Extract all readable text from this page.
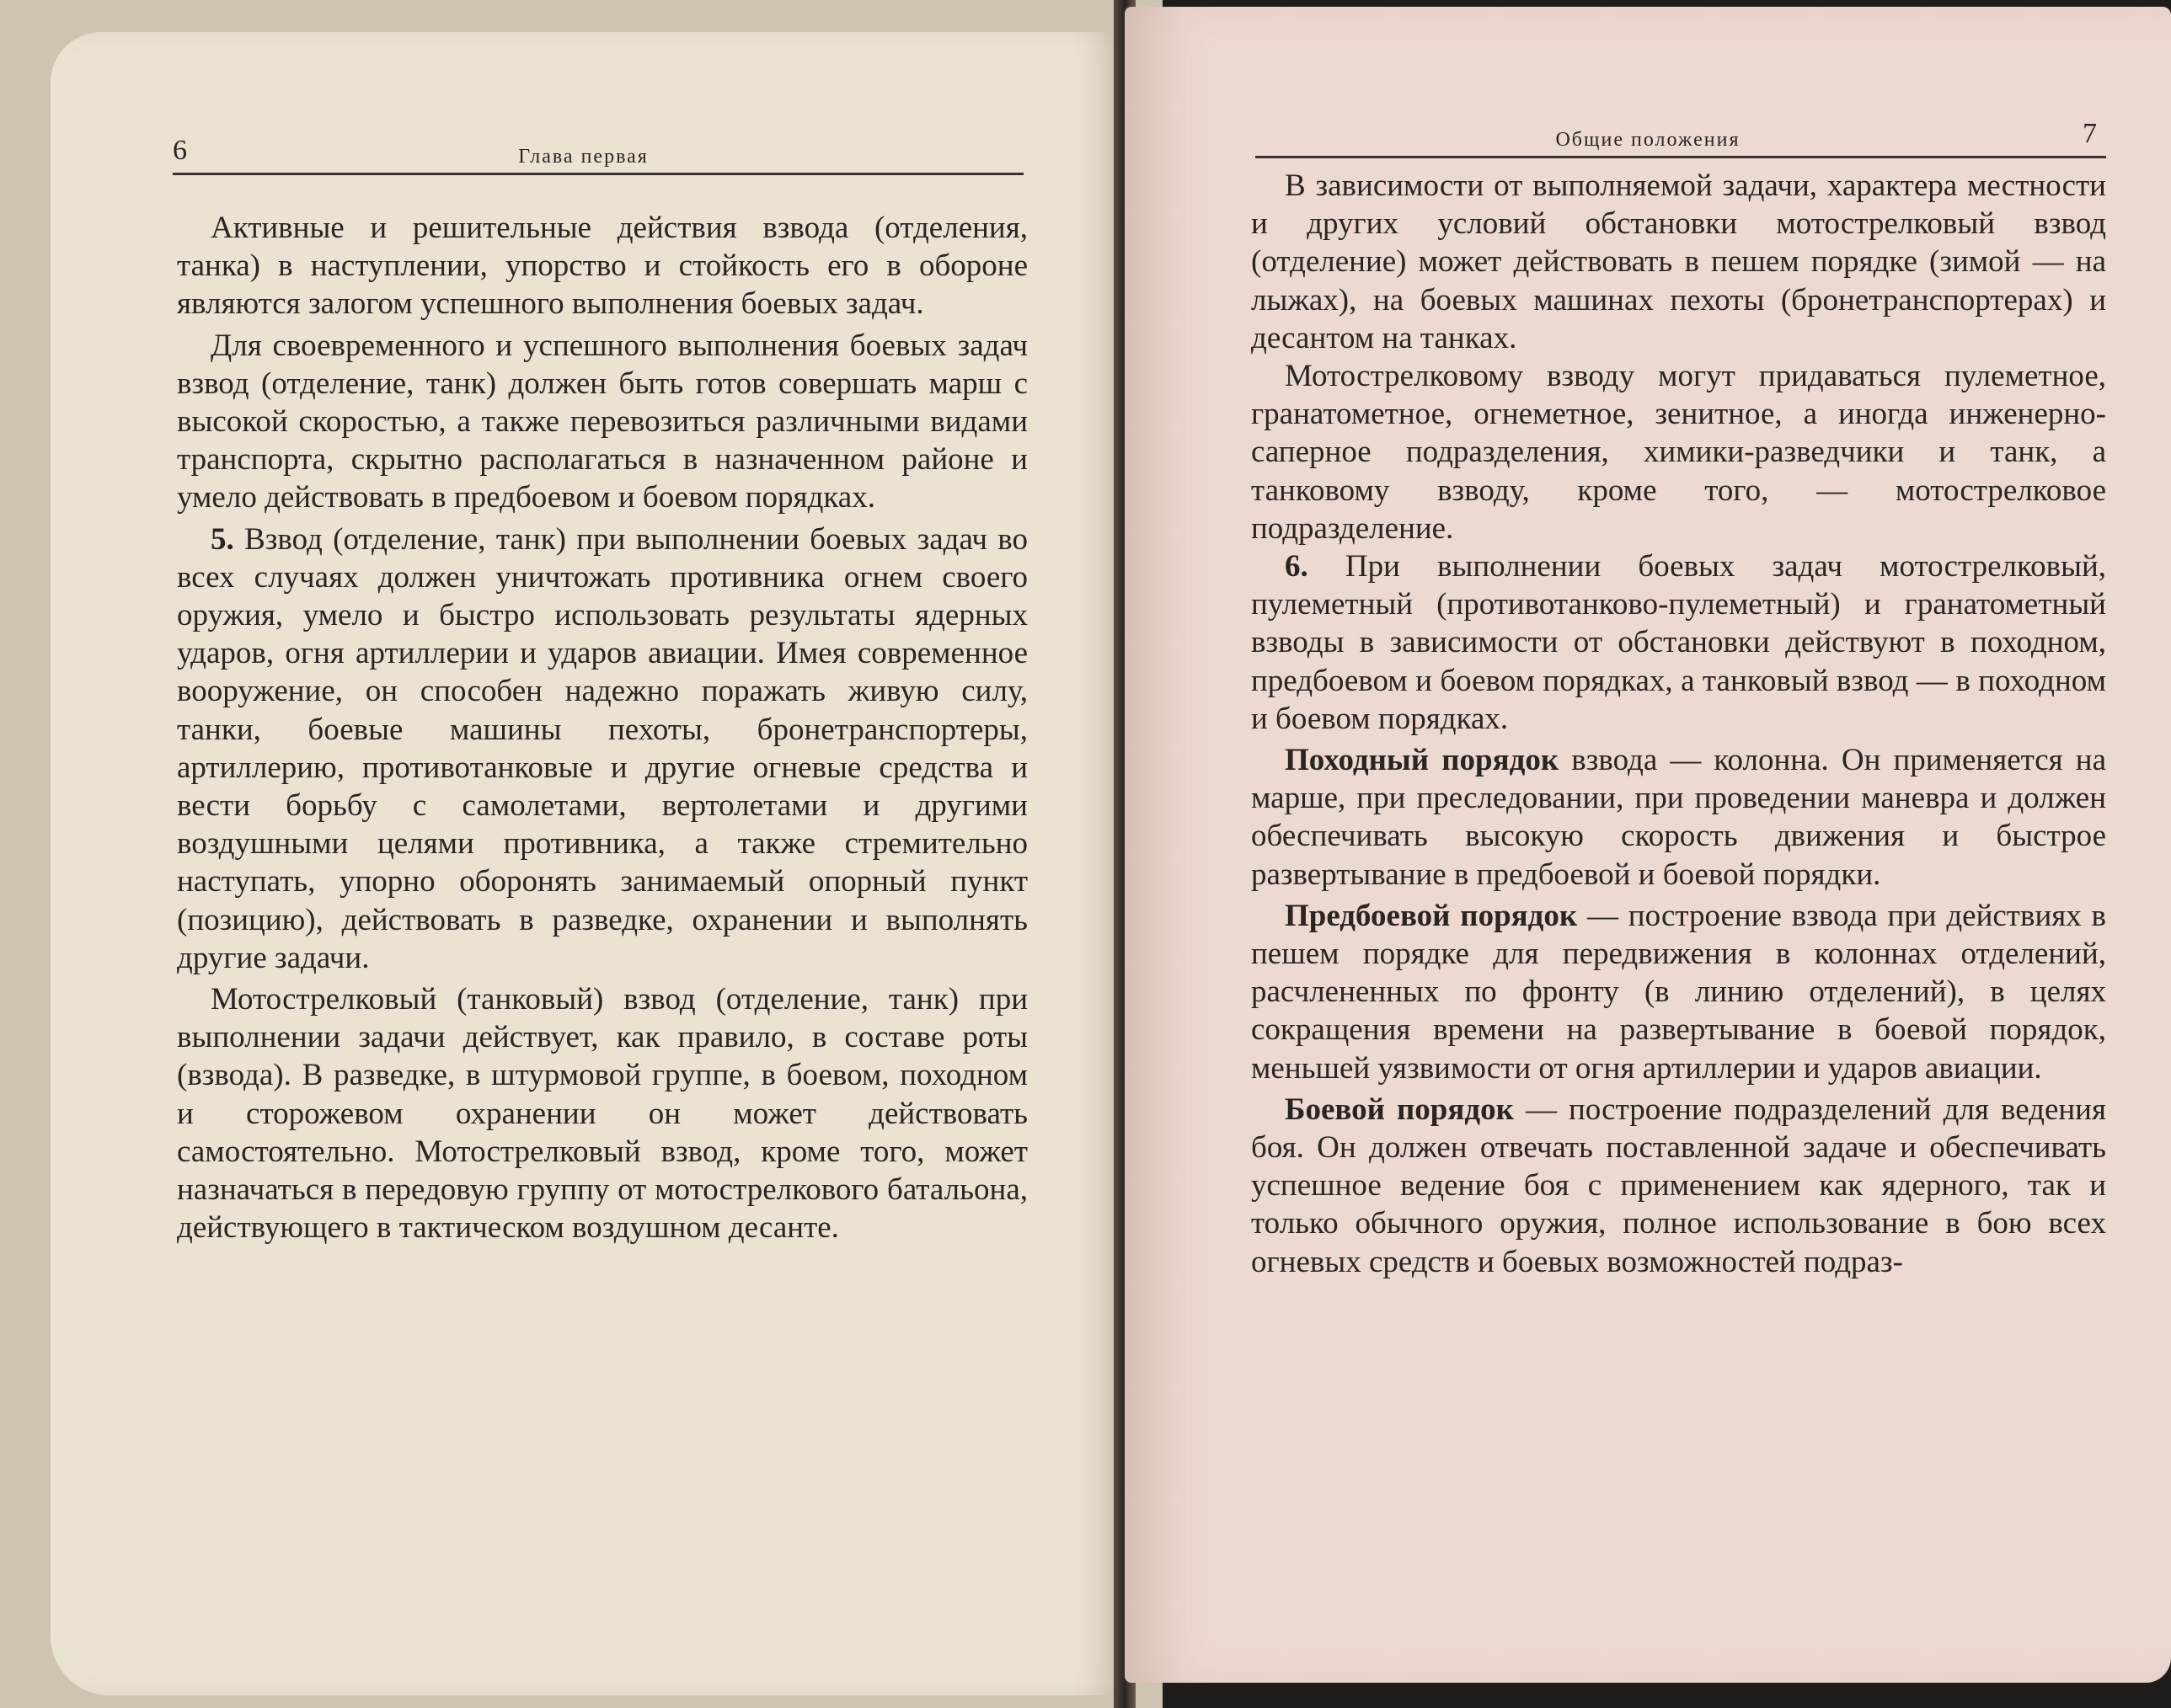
6	Глава первая

Активные и решительные действия взвода (отделения, танка) в наступлении, упорство и стойкость его в обороне являются залогом успешного выполнения боевых задач.

Для своевременного и успешного выполнения боевых задач взвод (отделение, танк) должен быть готов совершать марш с высокой скоростью, а также перевозиться различными видами транспорта, скрытно располагаться в назначенном районе и умело действовать в предбоевом и боевом порядках.

5. Взвод (отделение, танк) при выполнении боевых задач во всех случаях должен уничтожать противника огнем своего оружия, умело и быстро использовать результаты ядерных ударов, огня артиллерии и ударов авиации. Имея современное вооружение, он способен надежно поражать живую силу, танки, боевые машины пехоты, бронетранспортеры, артиллерию, противотанковые и другие огневые средства и вести борьбу с самолетами, вертолетами и другими воздушными целями противника, а также стремительно наступать, упорно оборонять занимаемый опорный пункт (позицию), действовать в разведке, охранении и выполнять другие задачи.

Мотострелковый (танковый) взвод (отделение, танк) при выполнении задачи действует, как правило, в составе роты (взвода). В разведке, в штурмовой группе, в боевом, походном и сторожевом охранении он может действовать самостоятельно. Мотострелковый взвод, кроме того, может назначаться в передовую группу от мотострелкового батальона, действующего в тактическом воздушном десанте.

Общие положения	7

В зависимости от выполняемой задачи, характера местности и других условий обстановки мотострелковый взвод (отделение) может действовать в пешем порядке (зимой — на лыжах), на боевых машинах пехоты (бронетранспортерах) и десантом на танках.

Мотострелковому взводу могут придаваться пулеметное, гранатометное, огнеметное, зенитное, а иногда инженерно-саперное подразделения, химики-разведчики и танк, а танковому взводу, кроме того, — мотострелковое подразделение.

6. При выполнении боевых задач мотострелковый, пулеметный (противотанково-пулеметный) и гранатометный взводы в зависимости от обстановки действуют в походном, предбоевом и боевом порядках, а танковый взвод — в походном и боевом порядках.

Походный порядок взвода — колонна. Он применяется на марше, при преследовании, при проведении маневра и должен обеспечивать высокую скорость движения и быстрое развертывание в предбоевой и боевой порядки.

Предбоевой порядок — построение взвода при действиях в пешем порядке для передвижения в колоннах отделений, расчлененных по фронту (в линию отделений), в целях сокращения времени на развертывание в боевой порядок, меньшей уязвимости от огня артиллерии и ударов авиации.

Боевой порядок — построение подразделений для ведения боя. Он должен отвечать поставленной задаче и обеспечивать успешное ведение боя с применением как ядерного, так и только обычного оружия, полное использование в бою всех огневых средств и боевых возможностей подраз-
